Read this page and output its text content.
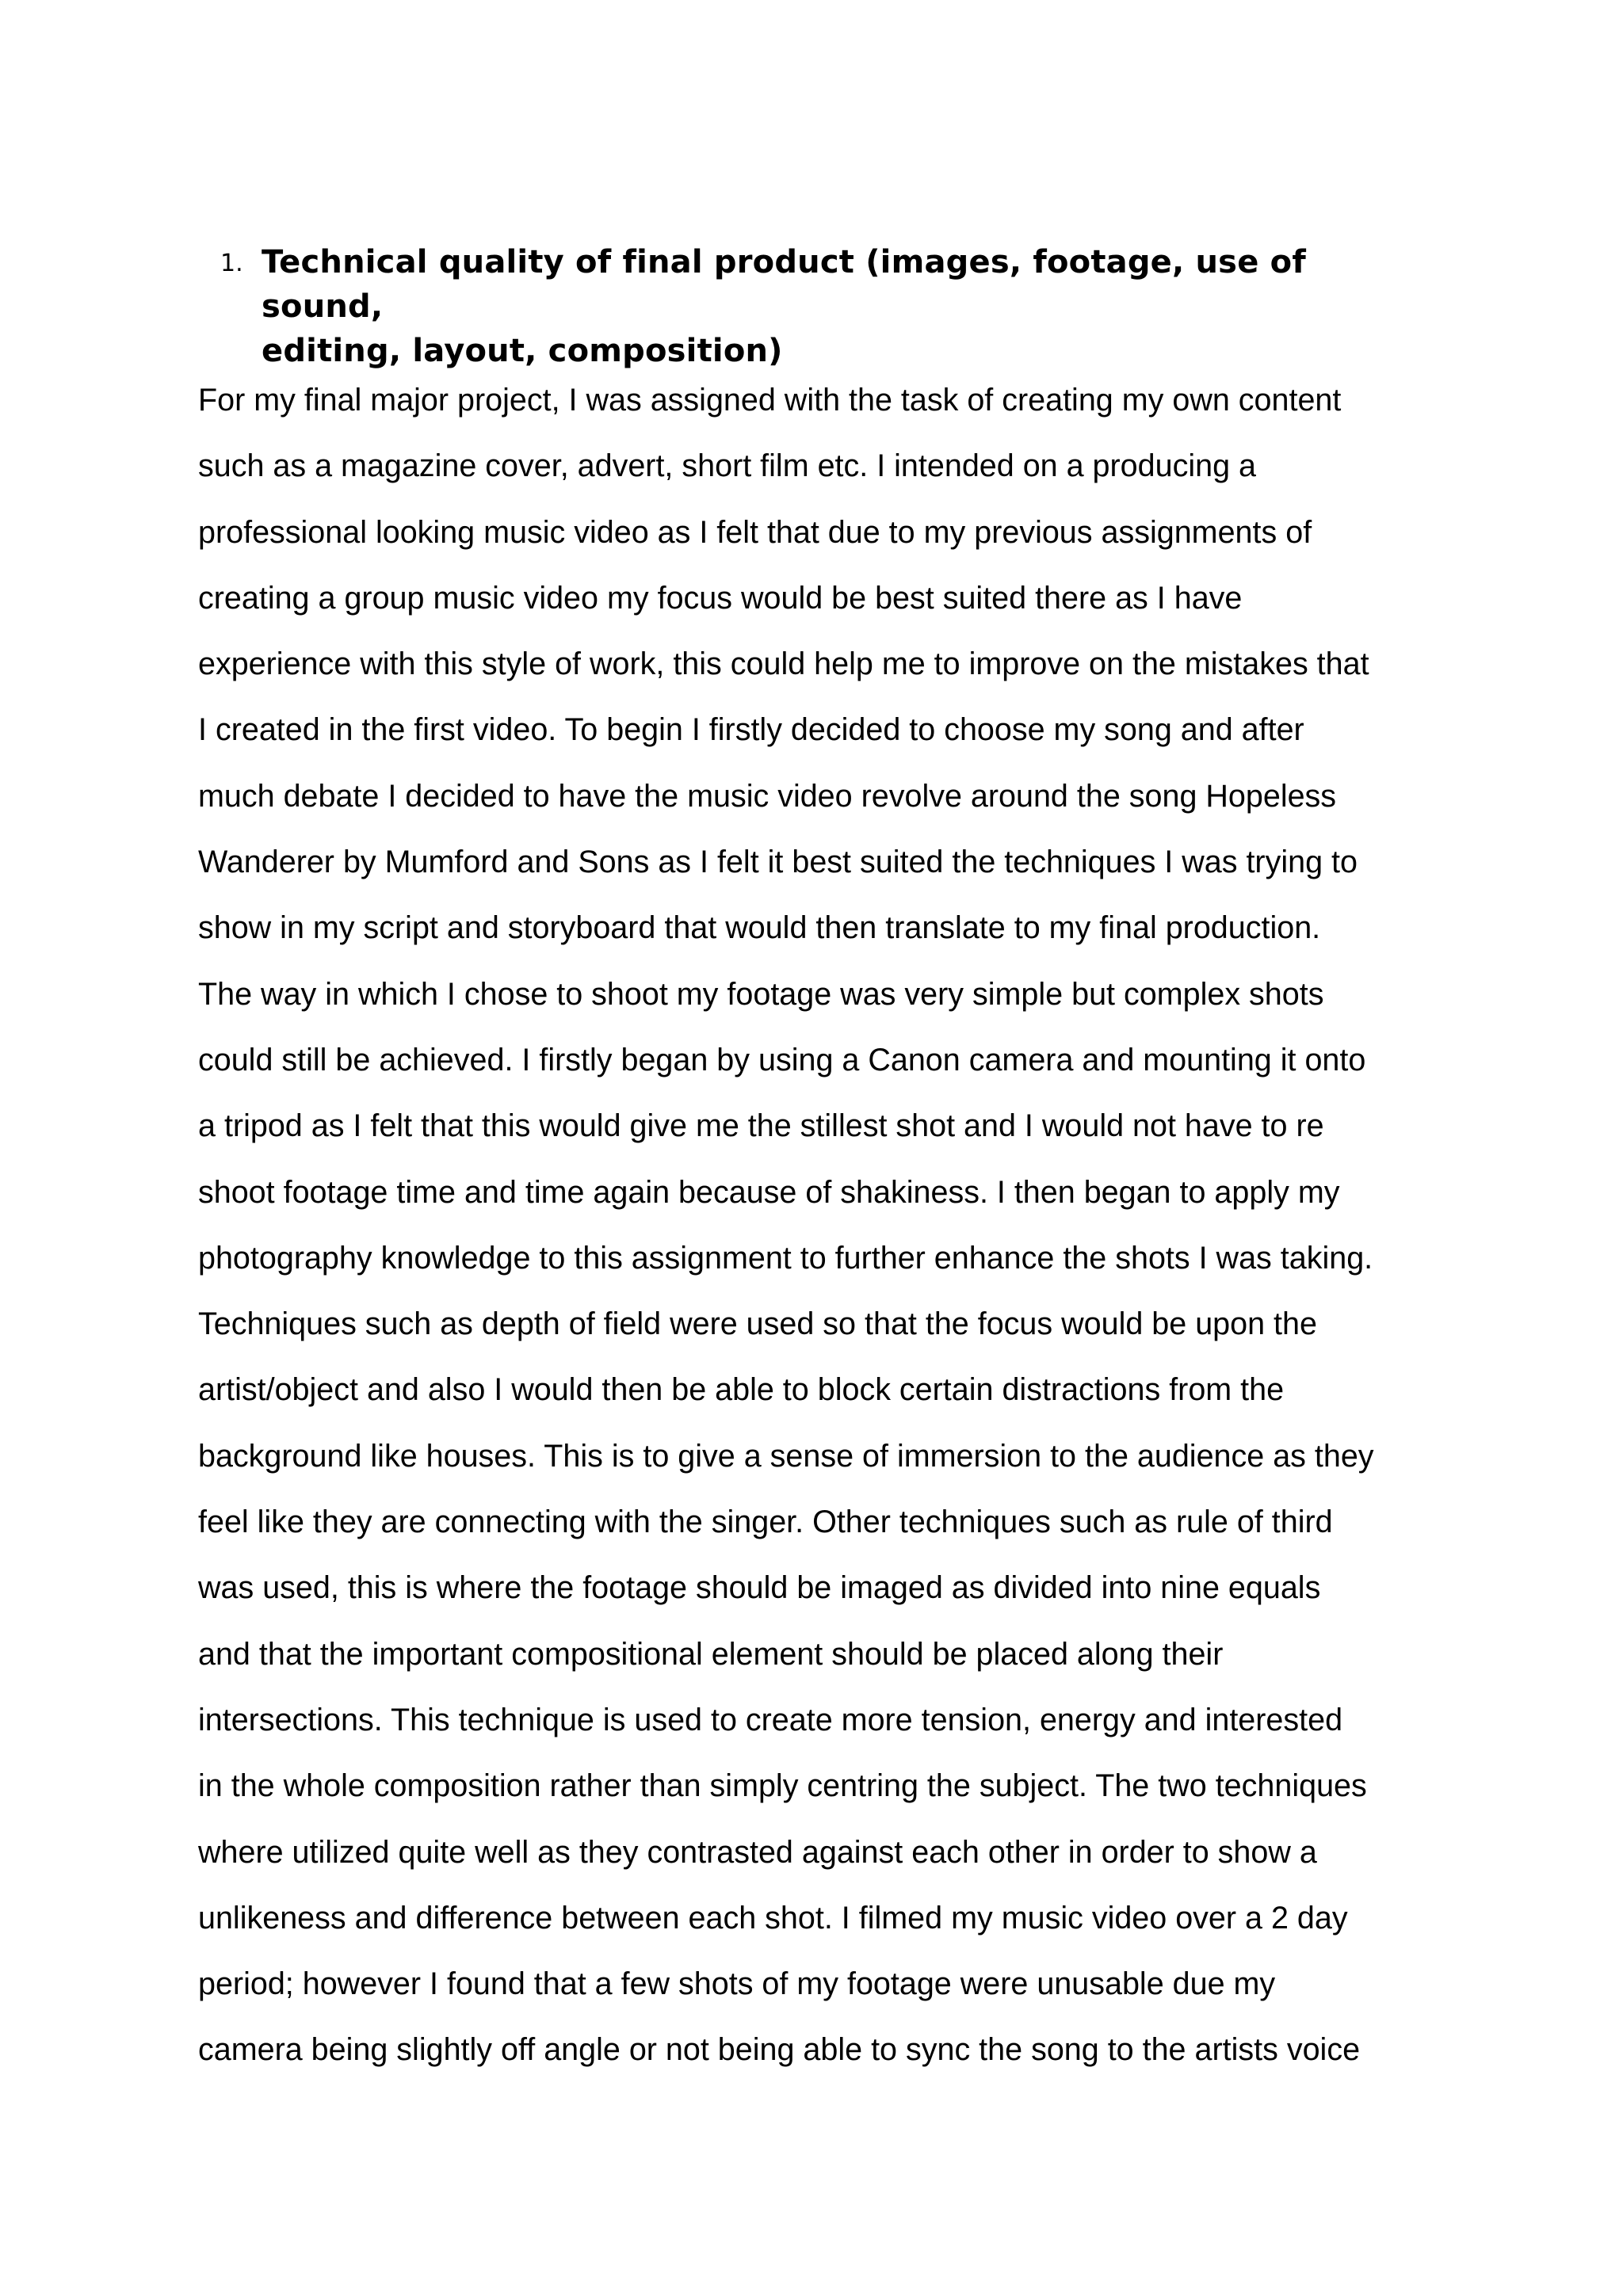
1. Technical quality of final product (images, footage, use of sound,
editing, layout, composition)
For my final major project, I was assigned with the task of creating my own content
such as a magazine cover, advert, short film etc. I intended on a producing a
professional looking music video as I felt that due to my previous assignments of
creating a group music video my focus would be best suited there as I have
experience with this style of work, this could help me to improve on the mistakes that
I created in the first video. To begin I firstly decided to choose my song and after
much debate I decided to have the music video revolve around the song Hopeless
Wanderer by Mumford and Sons as I felt it best suited the techniques I was trying to
show in my script and storyboard that would then translate to my final production.
The way in which I chose to shoot my footage was very simple but complex shots
could still be achieved. I firstly began by using a Canon camera and mounting it onto
a tripod as I felt that this would give me the stillest shot and I would not have to re
shoot footage time and time again because of shakiness. I then began to apply my
photography knowledge to this assignment to further enhance the shots I was taking.
Techniques such as depth of field were used so that the focus would be upon the
artist/object and also I would then be able to block certain distractions from the
background like houses. This is to give a sense of immersion to the audience as they
feel like they are connecting with the singer. Other techniques such as rule of third
was used, this is where the footage should be imaged as divided into nine equals
and that the important compositional element should be placed along their
intersections. This technique is used to create more tension, energy and interested
in the whole composition rather than simply centring the subject. The two techniques
where utilized quite well as they contrasted against each other in order to show a
unlikeness and difference between each shot. I filmed my music video over a 2 day
period; however I found that a few shots of my footage were unusable due my
camera being slightly off angle or not being able to sync the song to the artists voice
